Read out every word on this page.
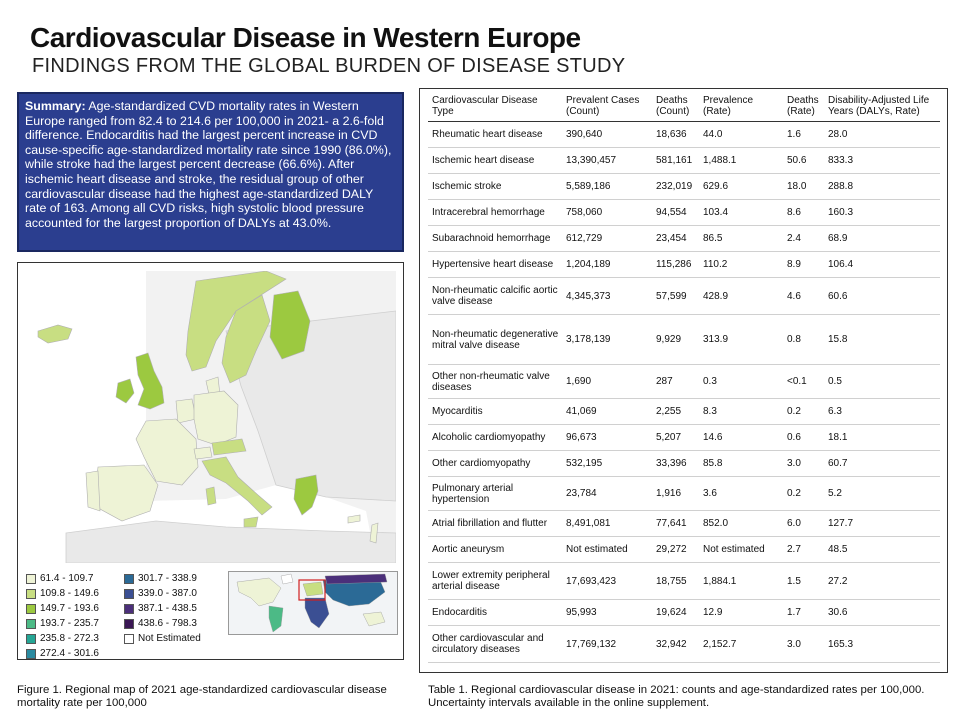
Cardiovascular Disease in Western Europe
FINDINGS FROM THE GLOBAL BURDEN OF DISEASE STUDY
Summary: Age-standardized CVD mortality rates in Western Europe ranged from 82.4 to 214.6 per 100,000 in 2021- a 2.6-fold difference. Endocarditis had the largest percent increase in CVD cause-specific age-standardized mortality rate since 1990 (86.0%), while stroke had the largest percent decrease (66.6%). After ischemic heart disease and stroke, the residual group of other cardiovascular disease had the highest age-standardized DALY rate of 163. Among all CVD risks, high systolic blood pressure accounted for the largest proportion of DALYs at 43.0%.
61.4 - 109.7
109.8 - 149.6
149.7 - 193.6
193.7 - 235.7
235.8 - 272.3
272.4 - 301.6
301.7 - 338.9
339.0 - 387.0
387.1 - 438.5
438.6 - 798.3
Not Estimated
Figure 1. Regional map of 2021 age-standardized cardiovascular disease mortality rate per 100,000
Cardiovascular Disease Type	Prevalent Cases (Count)	Deaths (Count)	Prevalence (Rate)	Deaths (Rate)	Disability-Adjusted Life Years (DALYs, Rate)
Rheumatic heart disease	390,640	18,636	44.0	1.6	28.0
Ischemic heart disease	13,390,457	581,161	1,488.1	50.6	833.3
Ischemic stroke	5,589,186	232,019	629.6	18.0	288.8
Intracerebral hemorrhage	758,060	94,554	103.4	8.6	160.3
Subarachnoid hemorrhage	612,729	23,454	86.5	2.4	68.9
Hypertensive heart disease	1,204,189	115,286	110.2	8.9	106.4
Non-rheumatic calcific aortic valve disease	4,345,373	57,599	428.9	4.6	60.6
Non-rheumatic degenerative mitral valve disease	3,178,139	9,929	313.9	0.8	15.8
Other non-rheumatic valve diseases	1,690	287	0.3	<0.1	0.5
Myocarditis	41,069	2,255	8.3	0.2	6.3
Alcoholic cardiomyopathy	96,673	5,207	14.6	0.6	18.1
Other cardiomyopathy	532,195	33,396	85.8	3.0	60.7
Pulmonary arterial hypertension	23,784	1,916	3.6	0.2	5.2
Atrial fibrillation and flutter	8,491,081	77,641	852.0	6.0	127.7
Aortic aneurysm	Not estimated	29,272	Not estimated	2.7	48.5
Lower extremity peripheral arterial disease	17,693,423	18,755	1,884.1	1.5	27.2
Endocarditis	95,993	19,624	12.9	1.7	30.6
Other cardiovascular and circulatory diseases	17,769,132	32,942	2,152.7	3.0	165.3
Table 1. Regional cardiovascular disease in 2021: counts and age-standardized rates per 100,000. Uncertainty intervals available in the online supplement.
